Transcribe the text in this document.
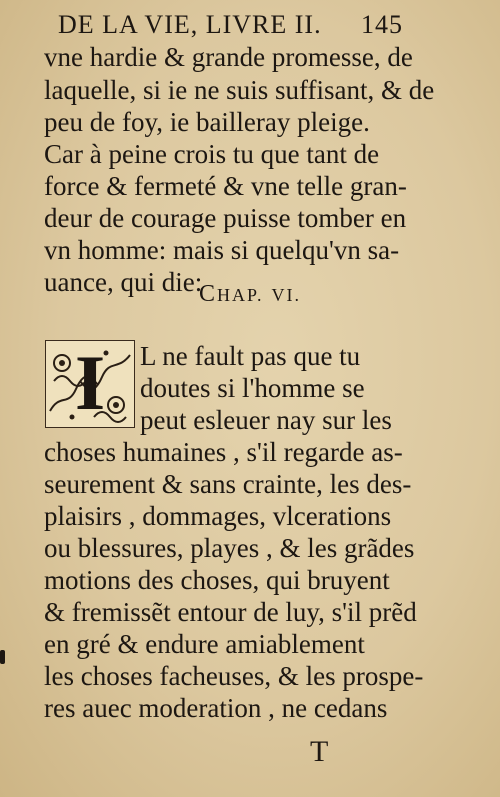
DE LA VIE, LIVRE II. 145
vne hardie & grande promesse, de
laquelle, si ie ne suis suffisant, & de
peu de foy, ie bailleray pleige.
Car à peine crois tu que tant de
force & fermeté & vne telle gran-
deur de courage puisse tomber en
vn homme: mais si quelqu'vn sa-
uance, qui die:
CHAP. VI.
I	L ne fault pas que tu
doutes si l'homme se
peut esleuer nay sur les
choses humaines , s'il regarde as-
seurement & sans crainte, les des-
plaisirs , dommages, vlcerations
ou blessures, playes , & les grãdes
motions des choses, qui bruyent
& fremissẽt entour de luy, s'il prẽd
en gré & endure amiablement
les choses facheuses, & les prospe-
res auec moderation , ne cedans
T
